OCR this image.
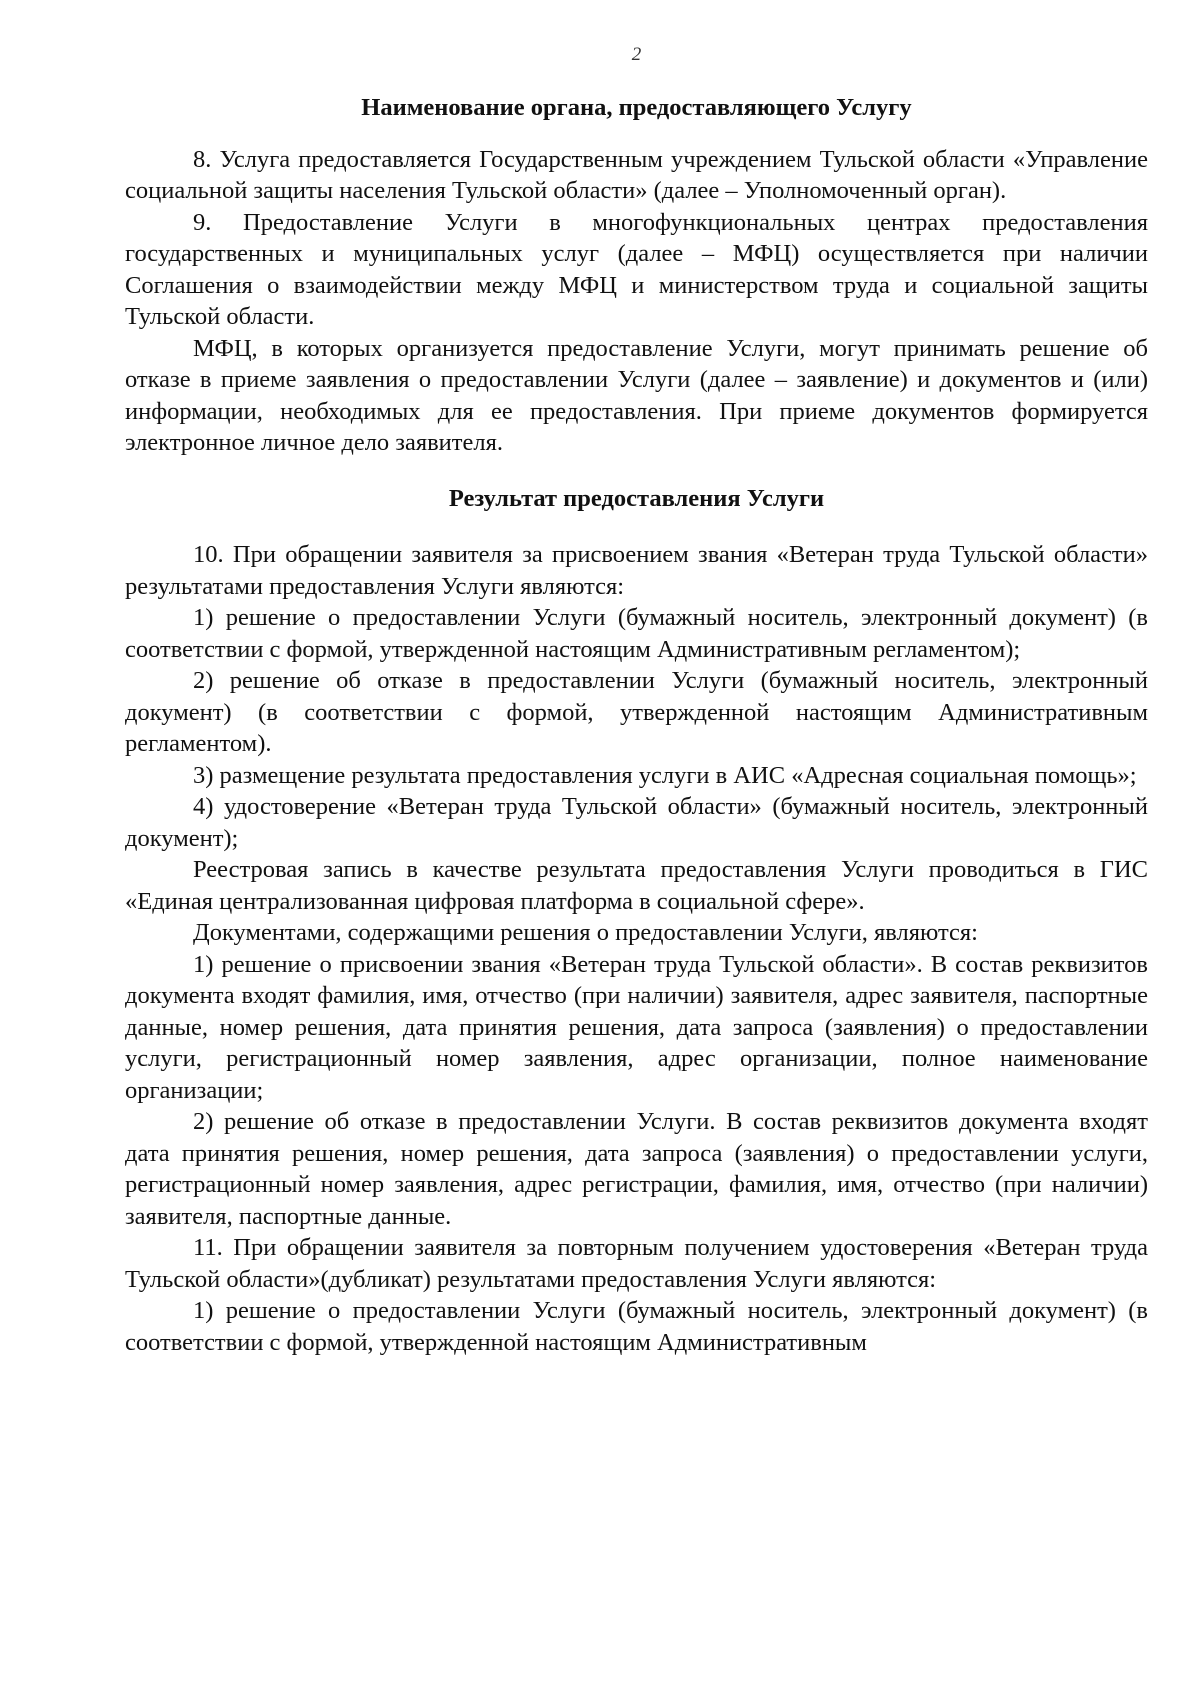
2
Наименование органа, предоставляющего Услугу

8. Услуга предоставляется Государственным учреждением Тульской области «Управление социальной защиты населения Тульской области» (далее – Уполномоченный орган).

9. Предоставление Услуги в многофункциональных центрах предоставления государственных и муниципальных услуг (далее – МФЦ) осуществляется при наличии Соглашения о взаимодействии между МФЦ и министерством труда и социальной защиты Тульской области.

МФЦ, в которых организуется предоставление Услуги, могут принимать решение об отказе в приеме заявления о предоставлении Услуги (далее – заявление) и документов и (или) информации, необходимых для ее предоставления. При приеме документов формируется электронное личное дело заявителя.

Результат предоставления Услуги

10. При обращении заявителя за присвоением звания «Ветеран труда Тульской области» результатами предоставления Услуги являются:

1) решение о предоставлении Услуги (бумажный носитель, электронный документ) (в соответствии с формой, утвержденной настоящим Административным регламентом);

2) решение об отказе в предоставлении Услуги (бумажный носитель, электронный документ) (в соответствии с формой, утвержденной настоящим Административным регламентом).

3) размещение результата предоставления услуги в АИС «Адресная социальная помощь»;

4) удостоверение «Ветеран труда Тульской области» (бумажный носитель, электронный документ);

Реестровая запись в качестве результата предоставления Услуги проводиться в ГИС «Единая централизованная цифровая платформа в социальной сфере».

Документами, содержащими решения о предоставлении Услуги, являются:

1) решение о присвоении звания «Ветеран труда Тульской области». В состав реквизитов документа входят фамилия, имя, отчество (при наличии) заявителя, адрес заявителя, паспортные данные, номер решения, дата принятия решения, дата запроса (заявления) о предоставлении услуги, регистрационный номер заявления, адрес организации, полное наименование организации;

2) решение об отказе в предоставлении Услуги. В состав реквизитов документа входят дата принятия решения, номер решения, дата запроса (заявления) о предоставлении услуги, регистрационный номер заявления, адрес регистрации, фамилия, имя, отчество (при наличии) заявителя, паспортные данные.

11. При обращении заявителя за повторным получением удостоверения «Ветеран труда Тульской области»(дубликат) результатами предоставления Услуги являются:

1) решение о предоставлении Услуги (бумажный носитель, электронный документ) (в соответствии с формой, утвержденной настоящим Административным
